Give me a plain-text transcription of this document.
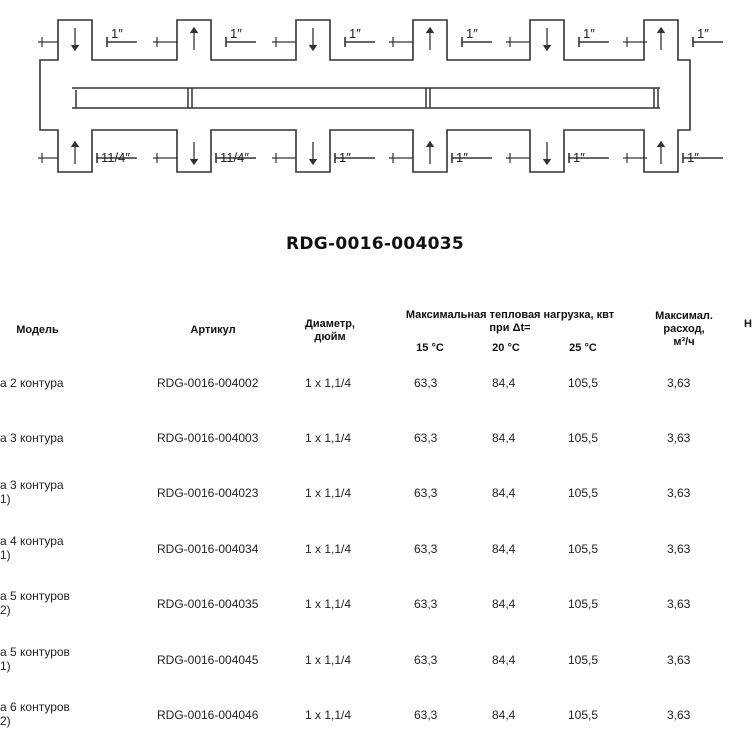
1″	1″	1″	1″	1″	1″
11/4″	11/4″	1″	1″	1″	1″
RDG-0016-004035
Модель	Артикул	Диаметр,
дюйм
Максимальная тепловая нагрузка, квт
при Δt=
15 °C	20 °C	25 °C
Максимал.
расход,
м³/ч
Н
а 2 контура	RDG-0016-004002	1 х 1,1/4	63,3	84,4	105,5	3,63
а 3 контура	RDG-0016-004003	1 х 1,1/4	63,3	84,4	105,5	3,63
а 3 контура
1)	RDG-0016-004023	1 х 1,1/4	63,3	84,4	105,5	3,63
а 4 контура
1)	RDG-0016-004034	1 х 1,1/4	63,3	84,4	105,5	3,63
а 5 контуров
2)	RDG-0016-004035	1 х 1,1/4	63,3	84,4	105,5	3,63
а 5 контуров
1)	RDG-0016-004045	1 х 1,1/4	63,3	84,4	105,5	3,63
а 6 контуров
2)	RDG-0016-004046	1 х 1,1/4	63,3	84,4	105,5	3,63
